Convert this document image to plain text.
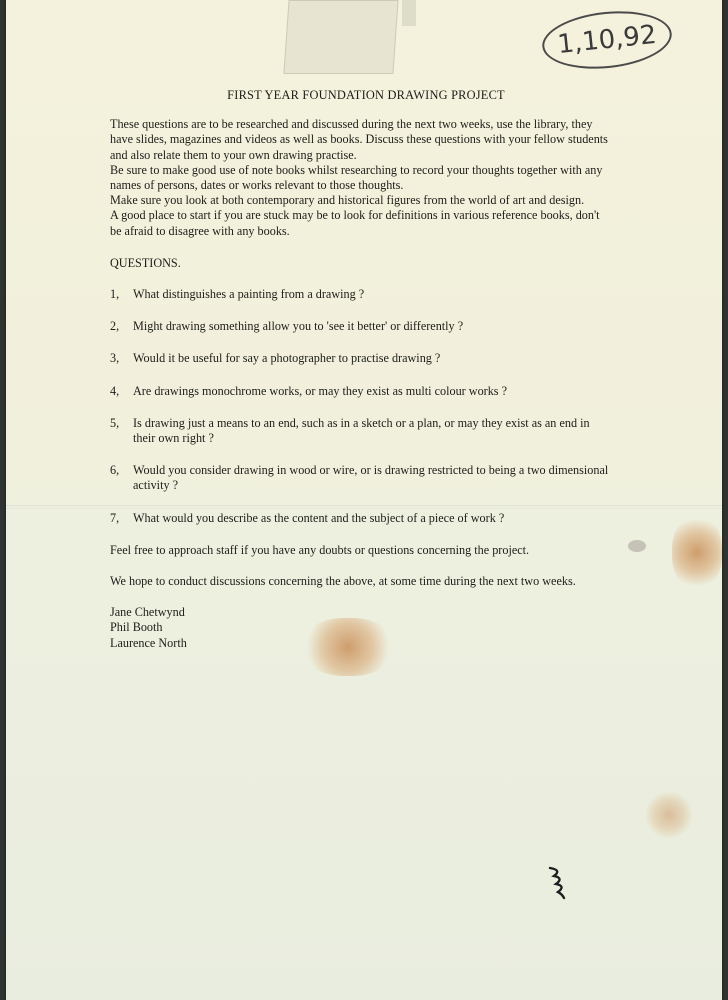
1,10,92
FIRST YEAR FOUNDATION DRAWING PROJECT

These questions are to be researched and discussed during the next two weeks, use the library, they have slides, magazines and videos as well as books. Discuss these questions with your fellow students and also relate them to your own drawing practise.

Be sure to make good use of note books whilst researching to record your thoughts together with any names of persons, dates or works relevant to those thoughts.

Make sure you look at both contemporary and historical figures from the world of art and design.

A good place to start if you are stuck may be to look for definitions in various reference books, don't be afraid to disagree with any books.

QUESTIONS.
1,	What distinguishes a painting from a drawing ?
2,	Might drawing something allow you to 'see it better' or differently ?
3,	Would it be useful for say a photographer to practise drawing ?
4,	Are drawings monochrome works, or may they exist as multi colour works ?
5,	Is drawing just a means to an end, such as in a sketch or a plan, or may they exist as an end in their own right ?
6,	Would you consider drawing in wood or wire, or is drawing restricted to being a two dimensional activity ?
7,	What would you describe as the content and the subject of a piece of work ?

Feel free to approach staff if you have any doubts or questions concerning the project.

We hope to conduct discussions concerning the above, at some time during the next two weeks.

Jane Chetwynd
Phil Booth
Laurence North
